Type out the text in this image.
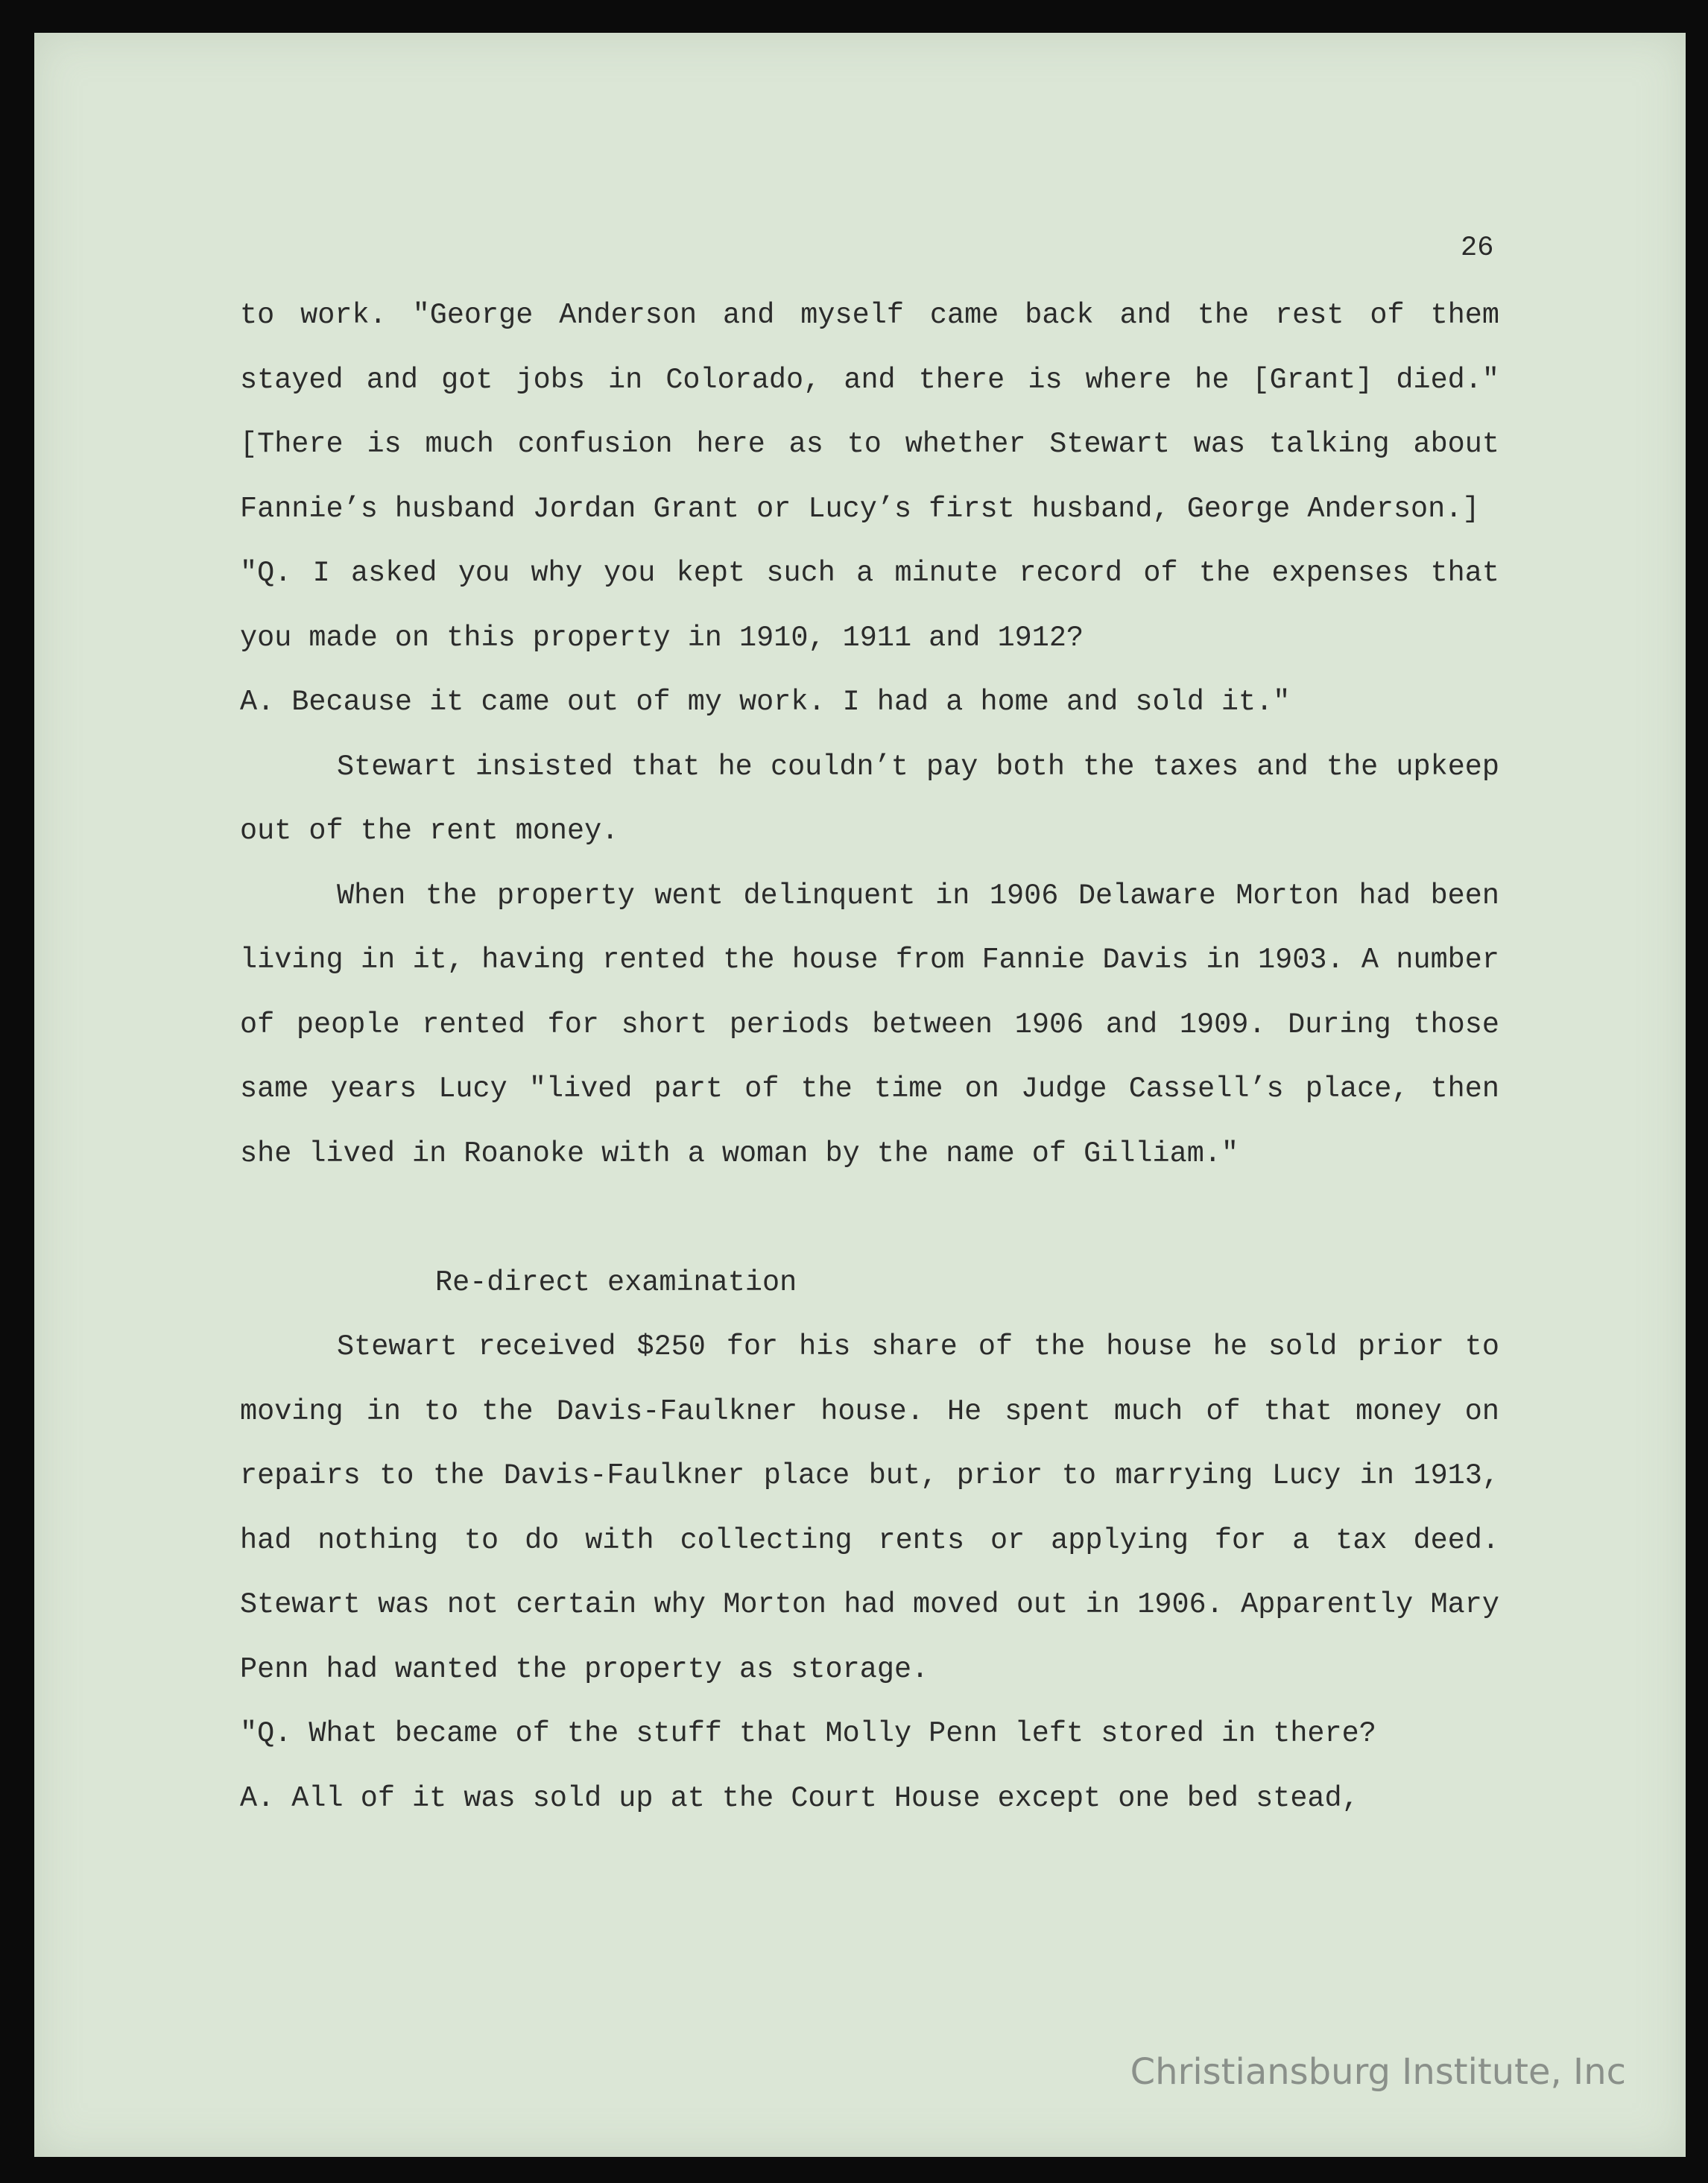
26

to work. "George Anderson and myself came back and the rest of them stayed and got jobs in Colorado, and there is where he [Grant] died." [There is much confusion here as to whether Stewart was talking about Fannie’s husband Jordan Grant or Lucy’s first husband, George Anderson.]

"Q. I asked you why you kept such a minute record of the expenses that you made on this property in 1910, 1911 and 1912?

A. Because it came out of my work. I had a home and sold it."

Stewart insisted that he couldn’t pay both the taxes and the upkeep out of the rent money.

When the property went delinquent in 1906 Delaware Morton had been living in it, having rented the house from Fannie Davis in 1903. A number of people rented for short periods between 1906 and 1909. During those same years Lucy "lived part of the time on Judge Cassell’s place, then she lived in Roanoke with a woman by the name of Gilliam."

Re-direct examination

Stewart received $250 for his share of the house he sold prior to moving in to the Davis-Faulkner house. He spent much of that money on repairs to the Davis-Faulkner place but, prior to marrying Lucy in 1913, had nothing to do with collecting rents or applying for a tax deed. Stewart was not certain why Morton had moved out in 1906. Apparently Mary Penn had wanted the property as storage.

"Q. What became of the stuff that Molly Penn left stored in there?

A. All of it was sold up at the Court House except one bed stead,

Christiansburg Institute, Inc
